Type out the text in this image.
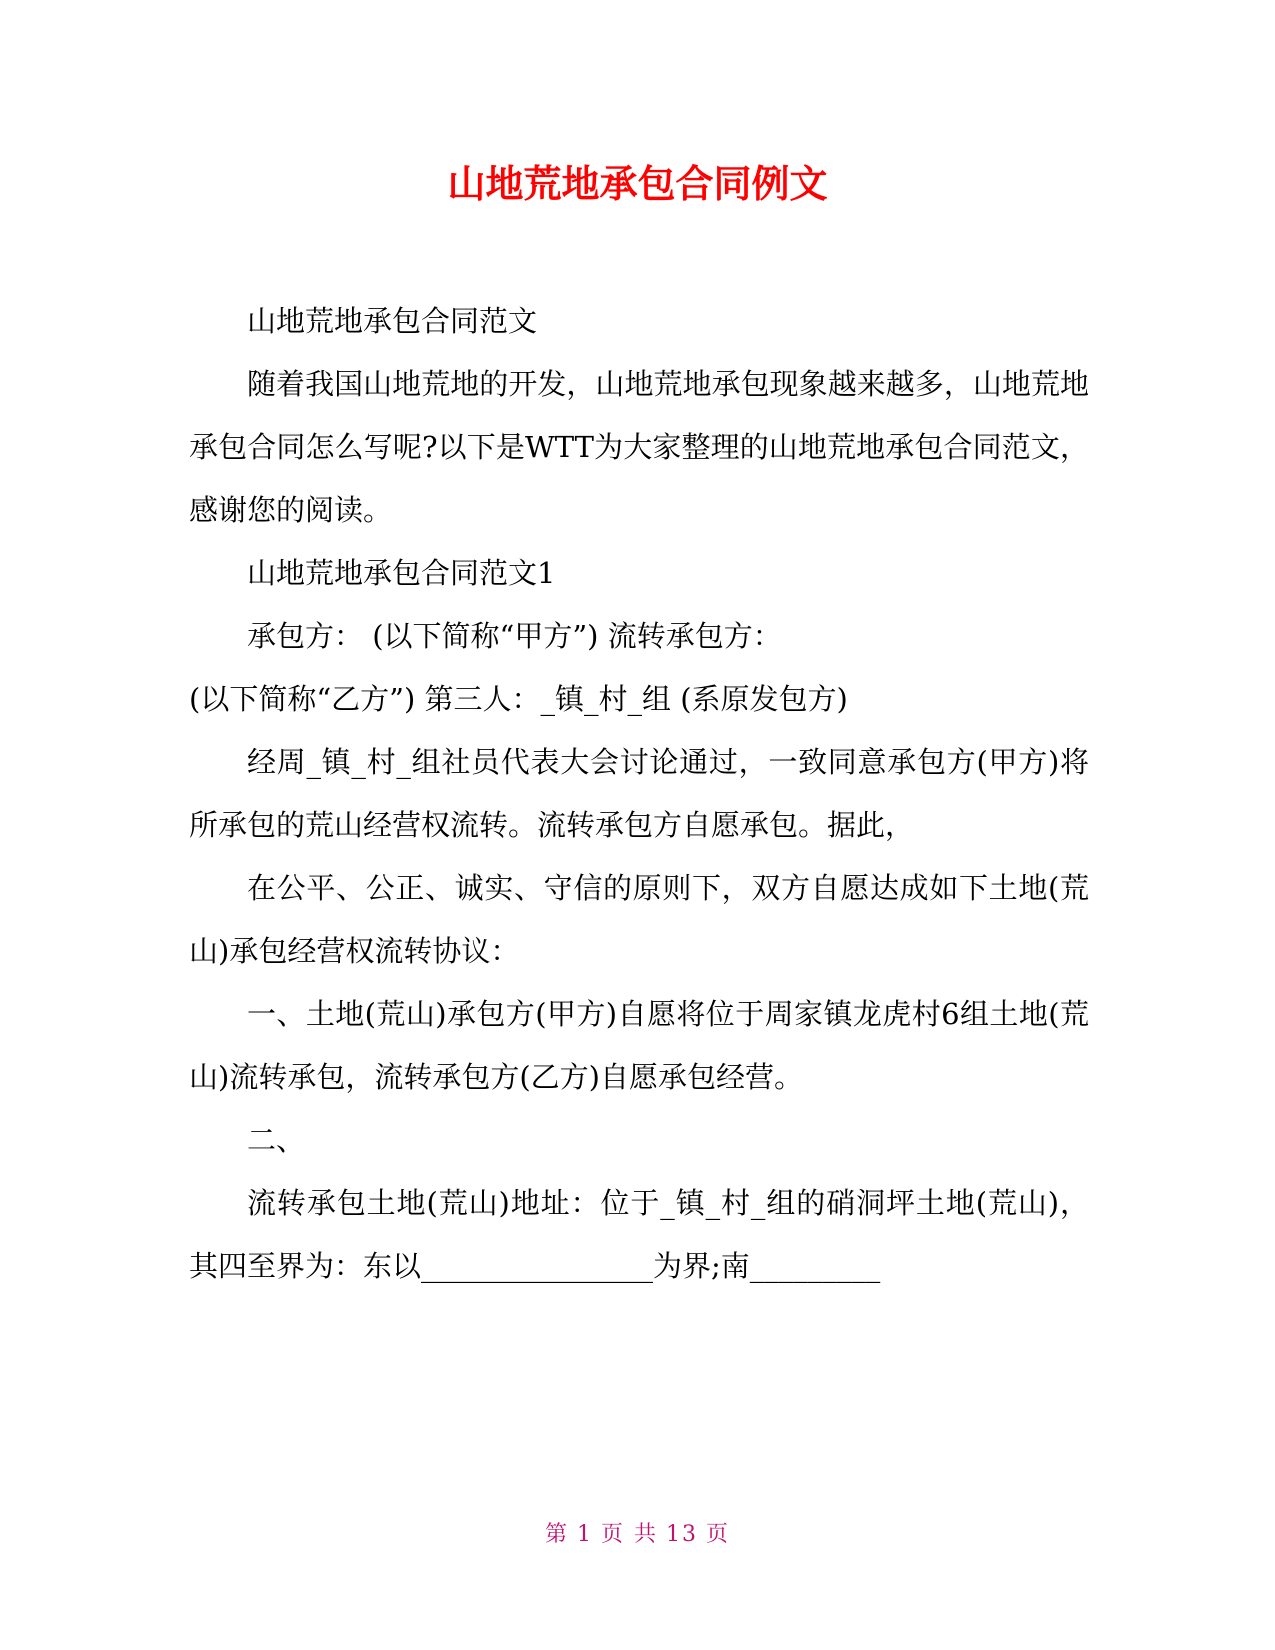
山地荒地承包合同例文

山地荒地承包合同范文

随着我国山地荒地的开发，山地荒地承包现象越来越多，山地荒地承包合同怎么写呢?以下是WTT为大家整理的山地荒地承包合同范文，感谢您的阅读。

山地荒地承包合同范文1

承包方： (以下简称“甲方”) 流转承包方：

(以下简称“乙方”) 第三人：_镇_村_组 (系原发包方)

经周_镇_村_组社员代表大会讨论通过，一致同意承包方(甲方)将所承包的荒山经营权流转。流转承包方自愿承包。据此，

在公平、公正、诚实、守信的原则下，双方自愿达成如下土地(荒山)承包经营权流转协议：

一、土地(荒山)承包方(甲方)自愿将位于周家镇龙虎村6组土地(荒山)流转承包，流转承包方(乙方)自愿承包经营。

二、

流转承包土地(荒山)地址：位于_镇_村_组的硝洞坪土地(荒山)，其四至界为：东以________________为界;南_________

第 1 页 共 13 页
